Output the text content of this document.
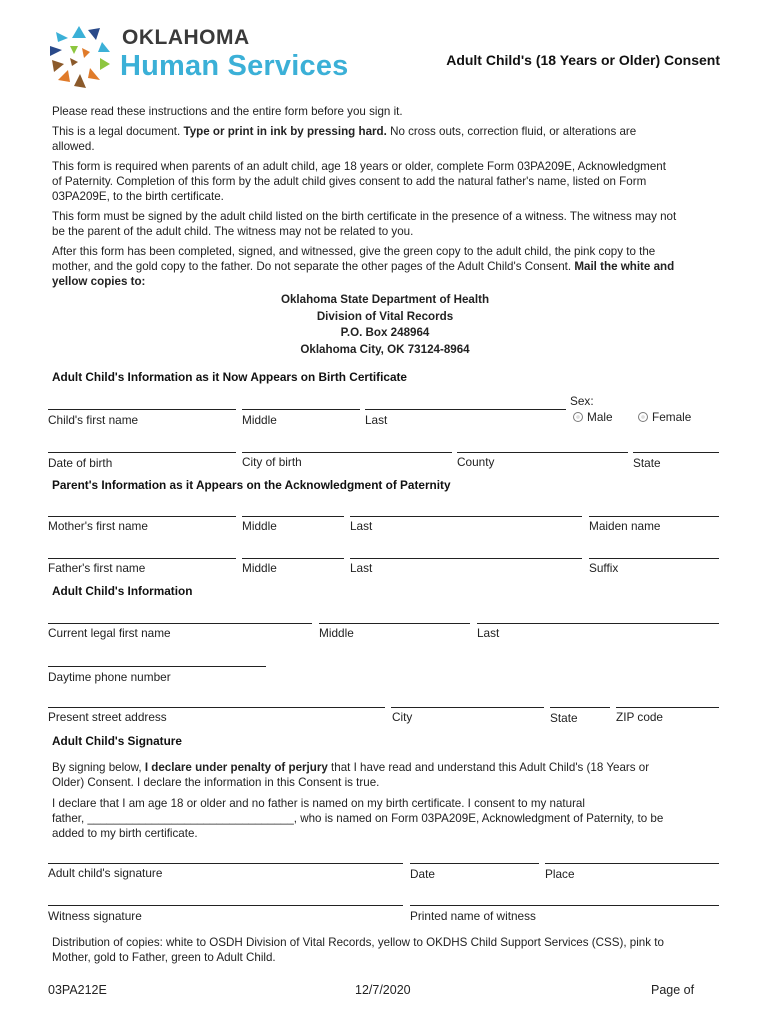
OKLAHOMA
Human Services	Adult Child's (18 Years or Older) Consent
Please read these instructions and the entire form before you sign it.
This is a legal document. Type or print in ink by pressing hard. No cross outs, correction fluid, or alterations are
allowed.
This form is required when parents of an adult child, age 18 years or older, complete Form 03PA209E, Acknowledgment
of Paternity. Completion of this form by the adult child gives consent to add the natural father's name, listed on Form
03PA209E, to the birth certificate.
This form must be signed by the adult child listed on the birth certificate in the presence of a witness. The witness may not
be the parent of the adult child. The witness may not be related to you.
After this form has been completed, signed, and witnessed, give the green copy to the adult child, the pink copy to the
mother, and the gold copy to the father. Do not separate the other pages of the Adult Child's Consent. Mail the white and
yellow copies to:
Oklahoma State Department of Health
Division of Vital Records
P.O. Box 248964
Oklahoma City, OK 73124-8964
Adult Child's Information as it Now Appears on Birth Certificate
Sex:
Child's first name	Middle	Last	Male	Female
Date of birth	City of birth	County	State
Parent's Information as it Appears on the Acknowledgment of Paternity
Mother's first name	Middle	Last	Maiden name
Father's first name	Middle	Last	Suffix
Adult Child's Information
Current legal first name	Middle	Last
Daytime phone number
Present street address	City	State	ZIP code
Adult Child's Signature
By signing below, I declare under penalty of perjury that I have read and understand this Adult Child's (18 Years or
Older) Consent. I declare the information in this Consent is true.
I declare that I am age 18 or older and no father is named on my birth certificate. I consent to my natural
father, ________________________________, who is named on Form 03PA209E, Acknowledgment of Paternity, to be
added to my birth certificate.
Adult child's signature	Date	Place
Witness signature	Printed name of witness
Distribution of copies: white to OSDH Division of Vital Records, yellow to OKDHS Child Support Services (CSS), pink to
Mother, gold to Father, green to Adult Child.
03PA212E	12/7/2020	Page of
